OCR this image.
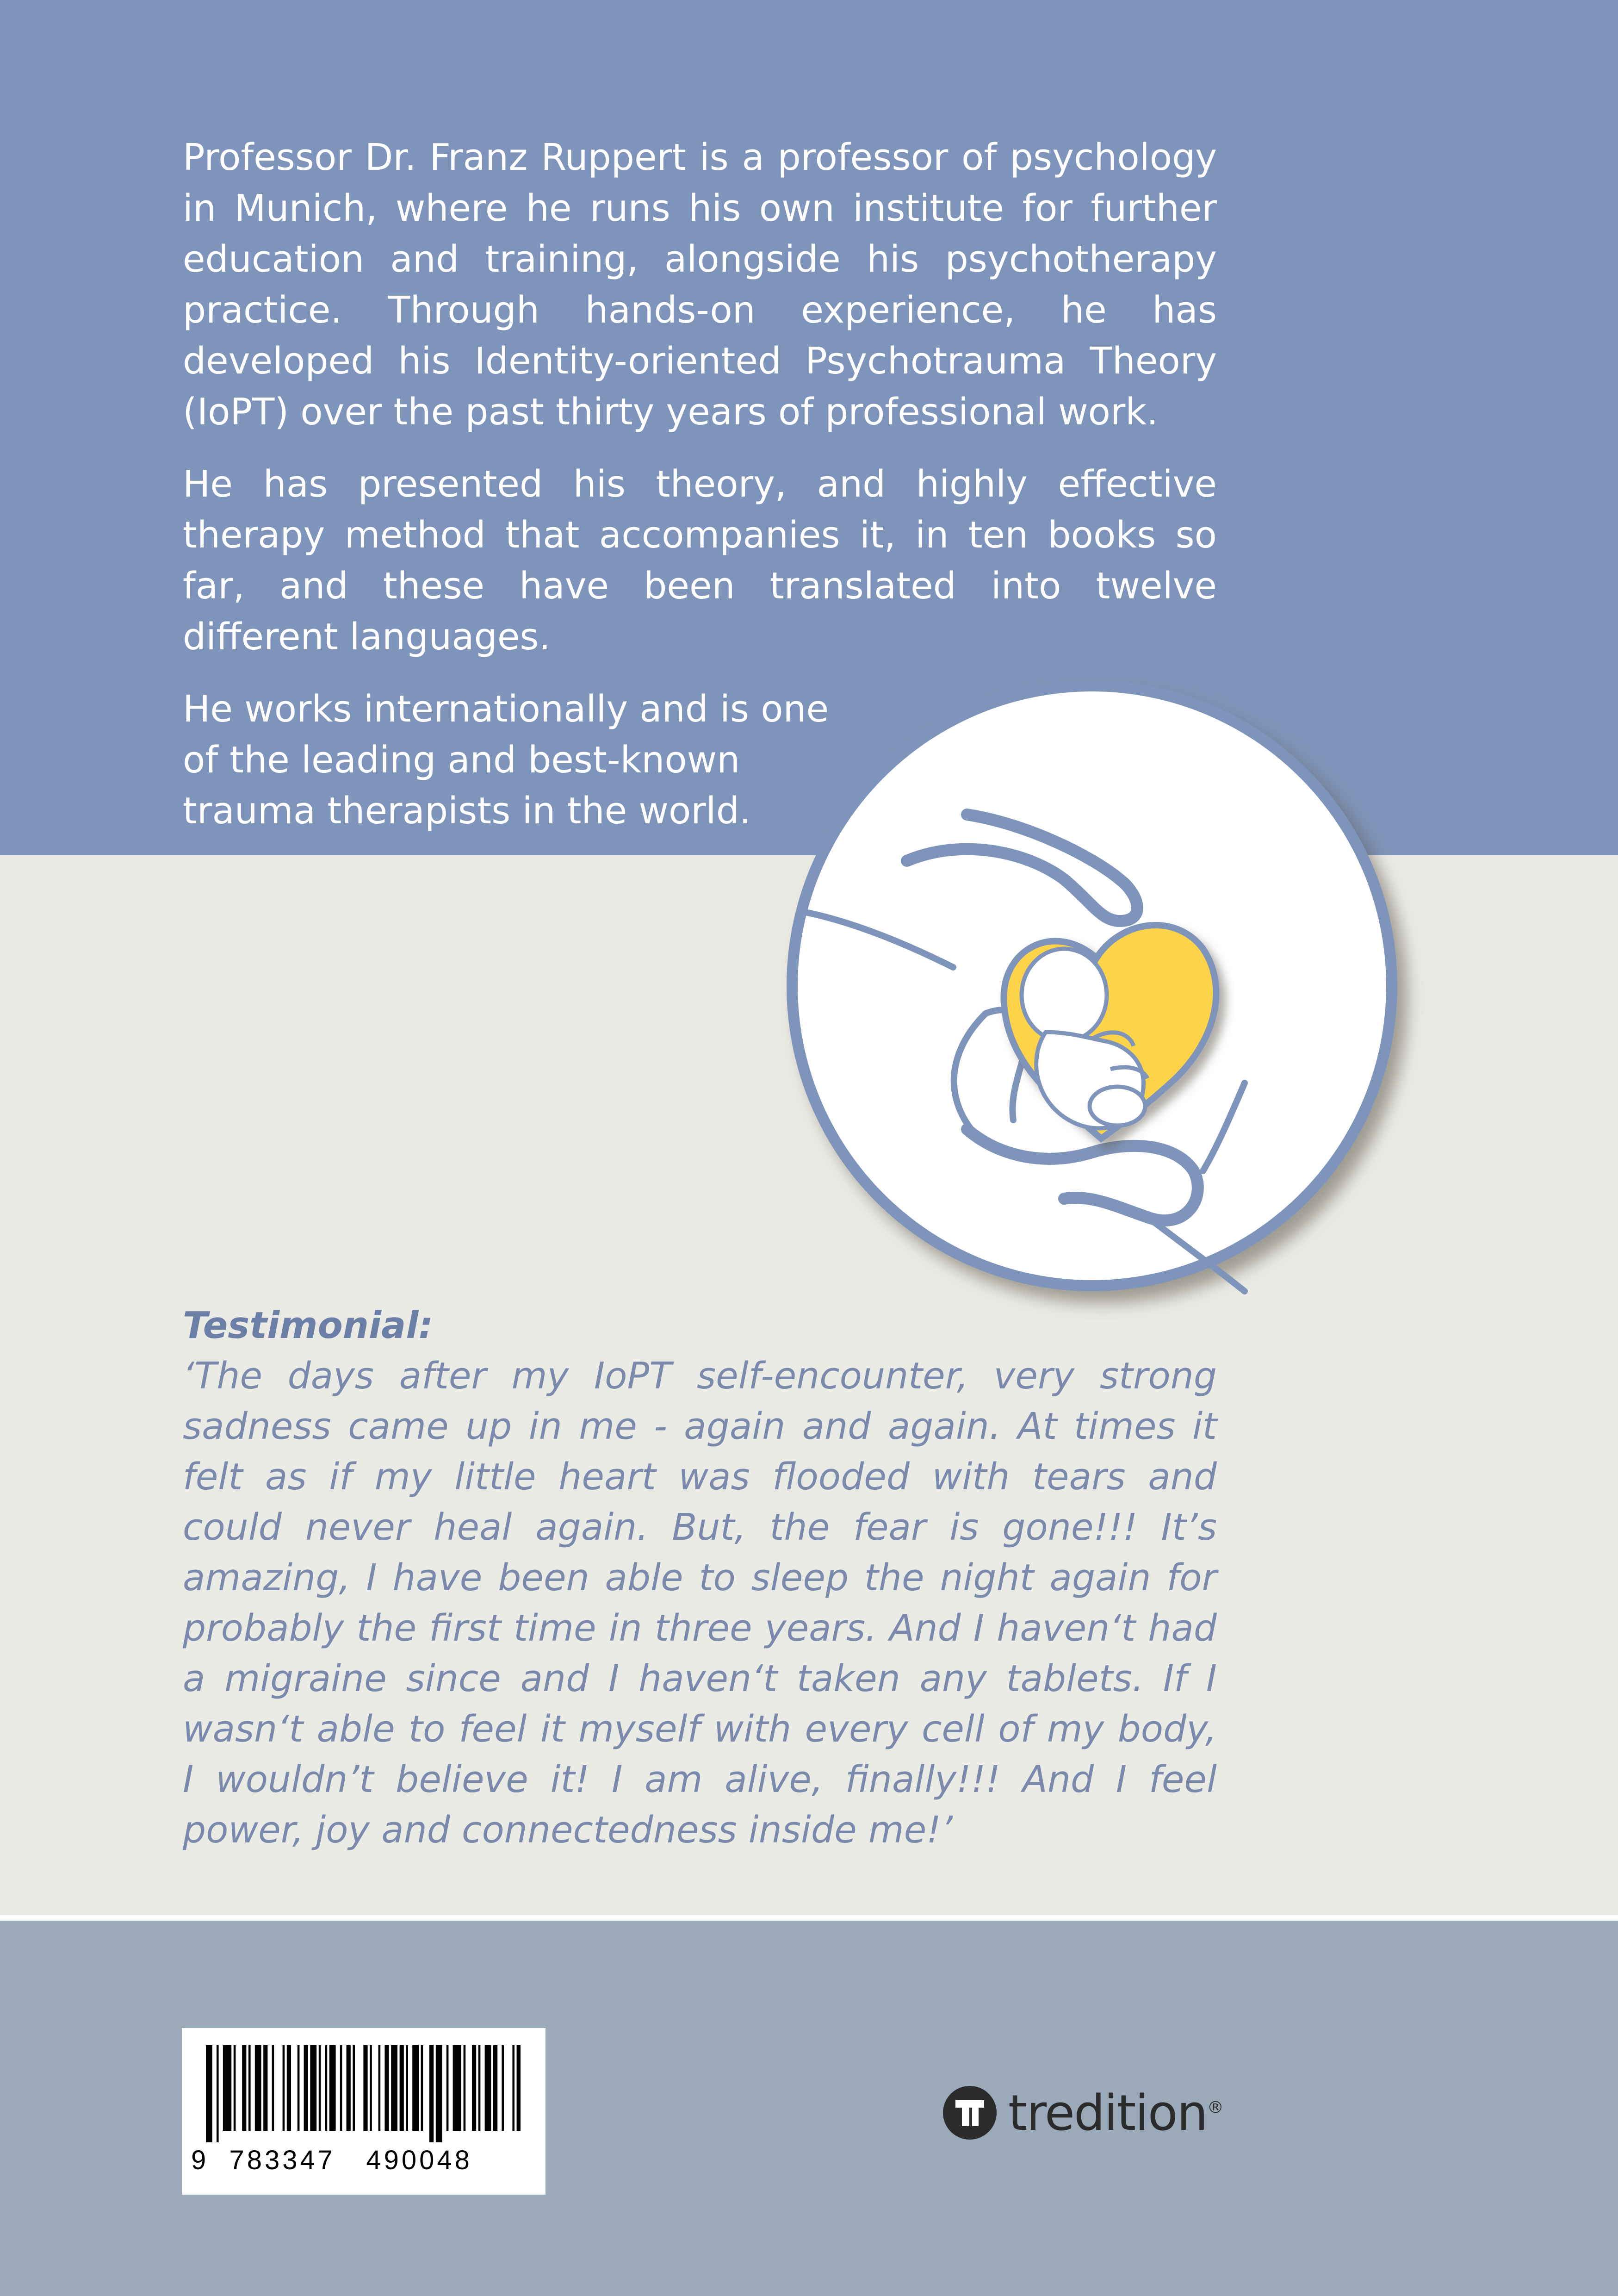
Professor Dr. Franz Ruppert is a professor of psychology in Munich, where he runs his own institute for further education and training, alongside his psychotherapy practice. Through hands-on experience, he has developed his Identity-oriented Psychotrauma Theory (IoPT) over the past thirty years of professional work.

He has presented his theory, and highly effective therapy method that accompanies it, in ten books so far, and these have been translated into twelve different languages.

He works internationally and is one of the leading and best-known trauma therapists in the world.

Testimonial:

‘The days after my IoPT self-encounter, very strong sadness came up in me - again and again. At times it felt as if my little heart was flooded with tears and could never heal again. But, the fear is gone!!! It’s amazing, I have been able to sleep the night again for probably the first time in three years. And I haven‘t had a migraine since and I haven‘t taken any tablets. If I wasn‘t able to feel it myself with every cell of my body, I wouldn’t believe it! I am alive, finally!!! And I feel power, joy and connectedness inside me!’

9  783347   490048
tredition®
